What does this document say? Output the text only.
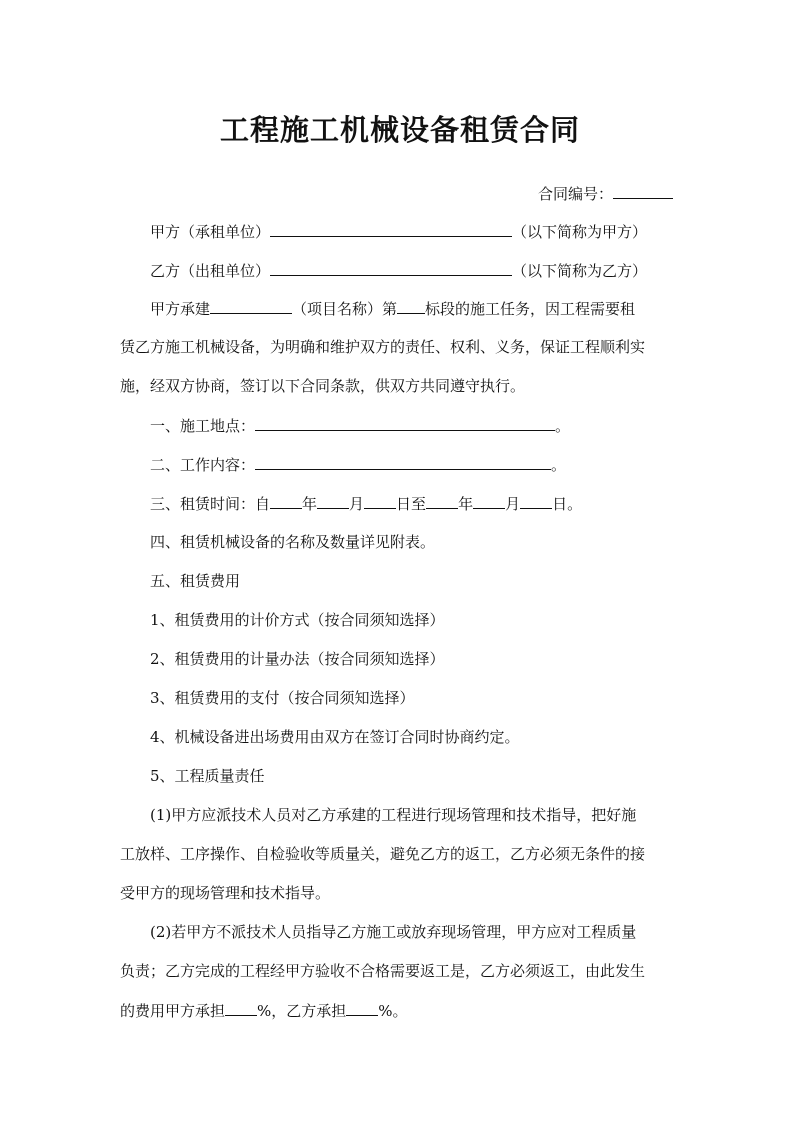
工程施工机械设备租赁合同
合同编号：
甲方（承租单位）	（以下简称为甲方）
乙方（出租单位）	（以下简称为乙方）
甲方承建	（项目名称）第 标段的施工任务，因工程需要租
赁乙方施工机械设备，为明确和维护双方的责任、权利、义务，保证工程顺利实
施，经双方协商，签订以下合同条款，供双方共同遵守执行。
一、施工地点：	。
二、工作内容：	。
三、租赁时间：自 年 月 日至 年 月 日。
四、租赁机械设备的名称及数量详见附表。
五、租赁费用
1、租赁费用的计价方式（按合同须知选择）
2、租赁费用的计量办法（按合同须知选择）
3、租赁费用的支付（按合同须知选择）
4、机械设备进出场费用由双方在签订合同时协商约定。
5、工程质量责任
(1)甲方应派技术人员对乙方承建的工程进行现场管理和技术指导，把好施
工放样、工序操作、自检验收等质量关，避免乙方的返工，乙方必须无条件的接
受甲方的现场管理和技术指导。
(2)若甲方不派技术人员指导乙方施工或放弃现场管理，甲方应对工程质量
负责；乙方完成的工程经甲方验收不合格需要返工是，乙方必须返工，由此发生
的费用甲方承担 %，乙方承担 %。
